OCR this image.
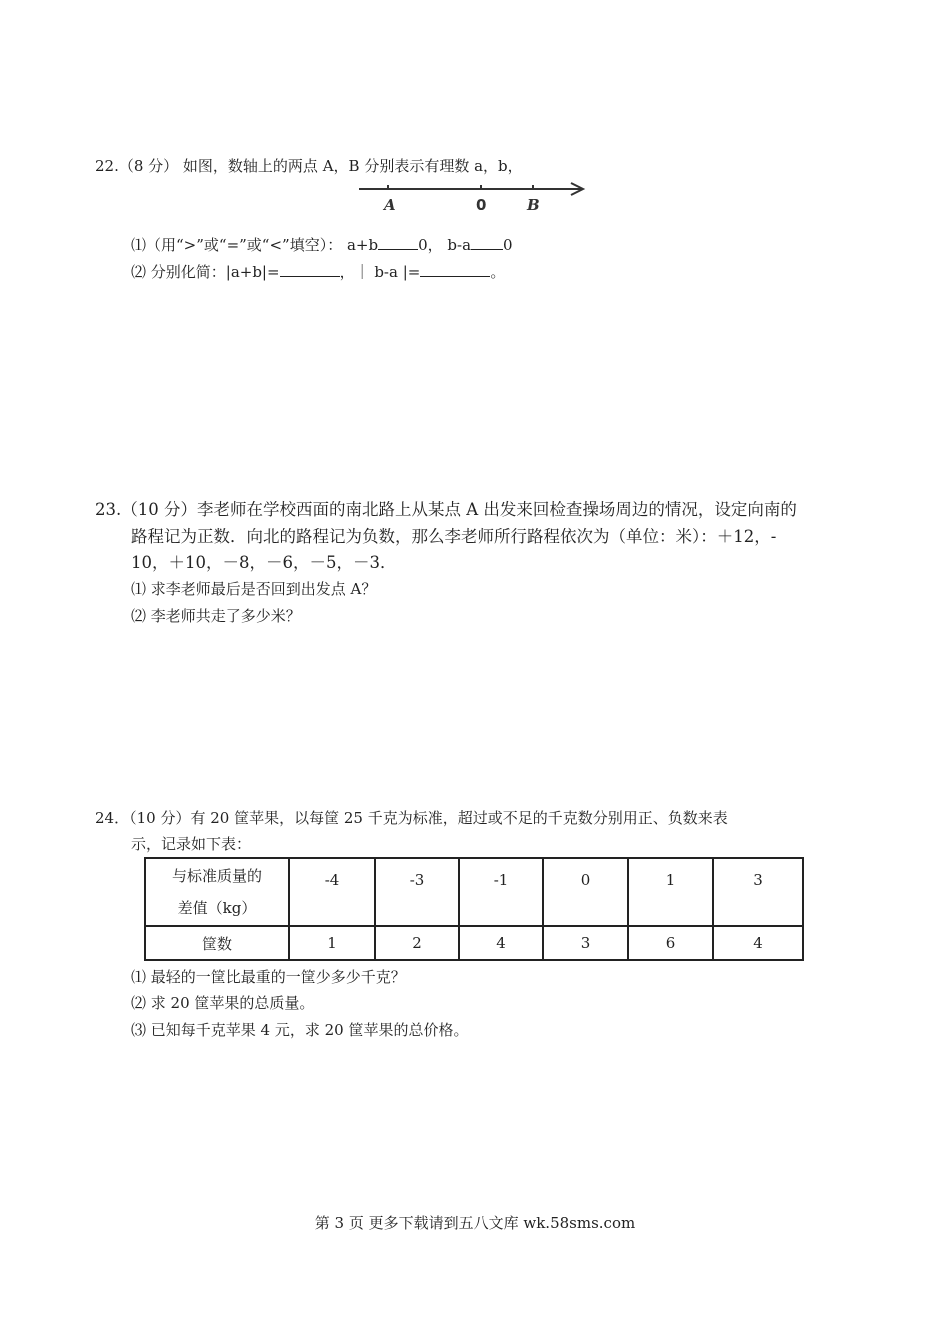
22.（8 分） 如图，数轴上的两点 A，B 分别表示有理数 a，b，
A	0	B
⑴（用“>”或“=”或“<”填空）： a+b	0， b-a 0
⑵ 分别化简：|a+b|=	，｜ b-a |=	。
23.（10 分）李老师在学校西面的南北路上从某点 A 出发来回检查操场周边的情况，设定向南的
路程记为正数．向北的路程记为负数，那么李老师所行路程依次为（单位：米）：＋12，-
10，＋10，－8，－6，－5，－3．
⑴ 求李老师最后是否回到出发点 A？
⑵ 李老师共走了多少米？
24．（10 分）有 20 筐苹果，以每筐 25 千克为标准，超过或不足的千克数分别用正、负数来表
示，记录如下表：
与标准质量的
差值（kg）	-4	-3	-1	0	1	3
筐数	1	2	4	3	6	4
⑴ 最轻的一筐比最重的一筐少多少千克？
⑵ 求 20 筐苹果的总质量。
⑶ 已知每千克苹果 4 元，求 20 筐苹果的总价格。
第 3 页 更多下载请到五八文库 wk.58sms.com
